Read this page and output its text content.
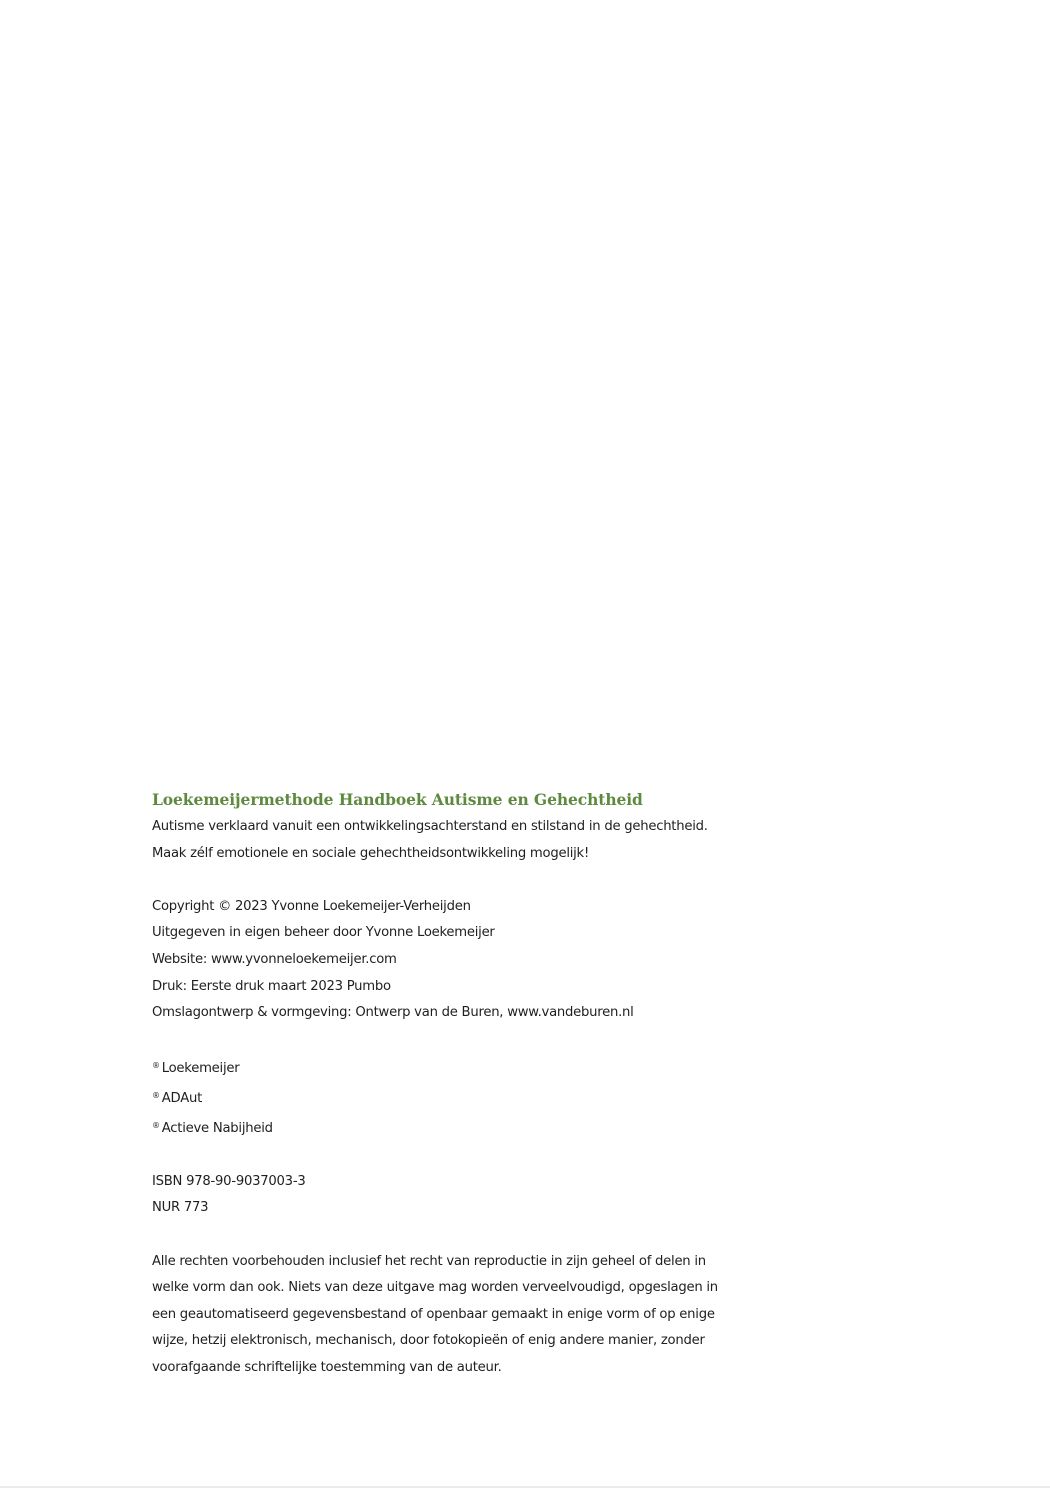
Loekemeijermethode Handboek Autisme en Gehechtheid

Autisme verklaard vanuit een ontwikkelingsachterstand en stilstand in de gehechtheid.

Maak zélf emotionele en sociale gehechtheidsontwikkeling mogelijk!

Copyright © 2023 Yvonne Loekemeijer-Verheijden

Uitgegeven in eigen beheer door Yvonne Loekemeijer

Website: www.yvonneloekemeijer.com

Druk: Eerste druk maart 2023 Pumbo

Omslagontwerp & vormgeving: Ontwerp van de Buren, www.vandeburen.nl

® Loekemeijer

® ADAut

® Actieve Nabijheid

ISBN 978-90-9037003-3

NUR 773

Alle rechten voorbehouden inclusief het recht van reproductie in zijn geheel of delen in
welke vorm dan ook. Niets van deze uitgave mag worden verveelvoudigd, opgeslagen in
een geautomatiseerd gegevensbestand of openbaar gemaakt in enige vorm of op enige
wijze, hetzij elektronisch, mechanisch, door fotokopieën of enig andere manier, zonder
voorafgaande schriftelijke toestemming van de auteur.
